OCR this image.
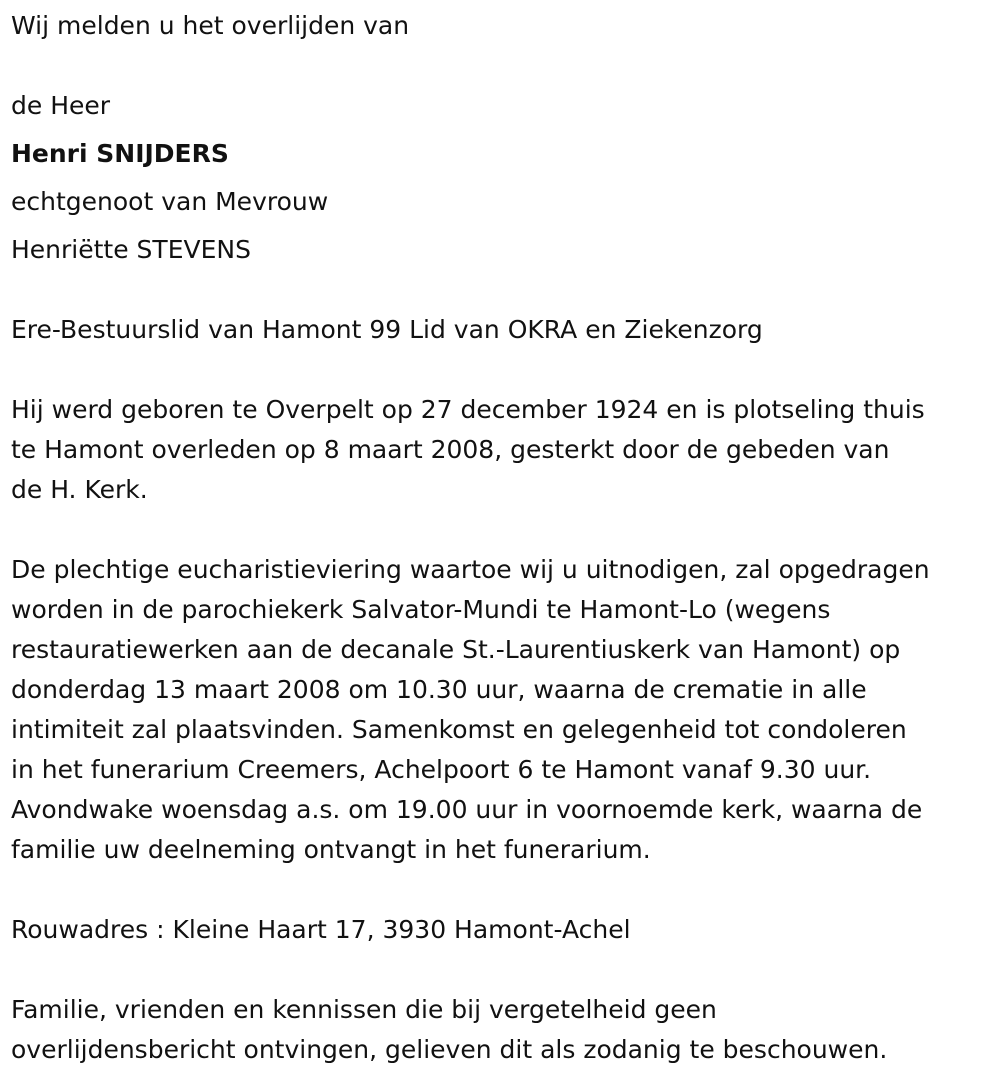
Wij melden u het overlijden van
de Heer
Henri SNIJDERS
echtgenoot van Mevrouw
Henriëtte STEVENS
Ere-Bestuurslid van Hamont 99 Lid van OKRA en Ziekenzorg
Hij werd geboren te Overpelt op 27 december 1924 en is plotseling thuis
te Hamont overleden op 8 maart 2008, gesterkt door de gebeden van
de H. Kerk.
De plechtige eucharistieviering waartoe wij u uitnodigen, zal opgedragen
worden in de parochiekerk Salvator-Mundi te Hamont-Lo (wegens
restauratiewerken aan de decanale St.-Laurentiuskerk van Hamont) op
donderdag 13 maart 2008 om 10.30 uur, waarna de crematie in alle
intimiteit zal plaatsvinden. Samenkomst en gelegenheid tot condoleren
in het funerarium Creemers, Achelpoort 6 te Hamont vanaf 9.30 uur.
Avondwake woensdag a.s. om 19.00 uur in voornoemde kerk, waarna de
familie uw deelneming ontvangt in het funerarium.
Rouwadres : Kleine Haart 17, 3930 Hamont-Achel
Familie, vrienden en kennissen die bij vergetelheid geen
overlijdensbericht ontvingen, gelieven dit als zodanig te beschouwen.
